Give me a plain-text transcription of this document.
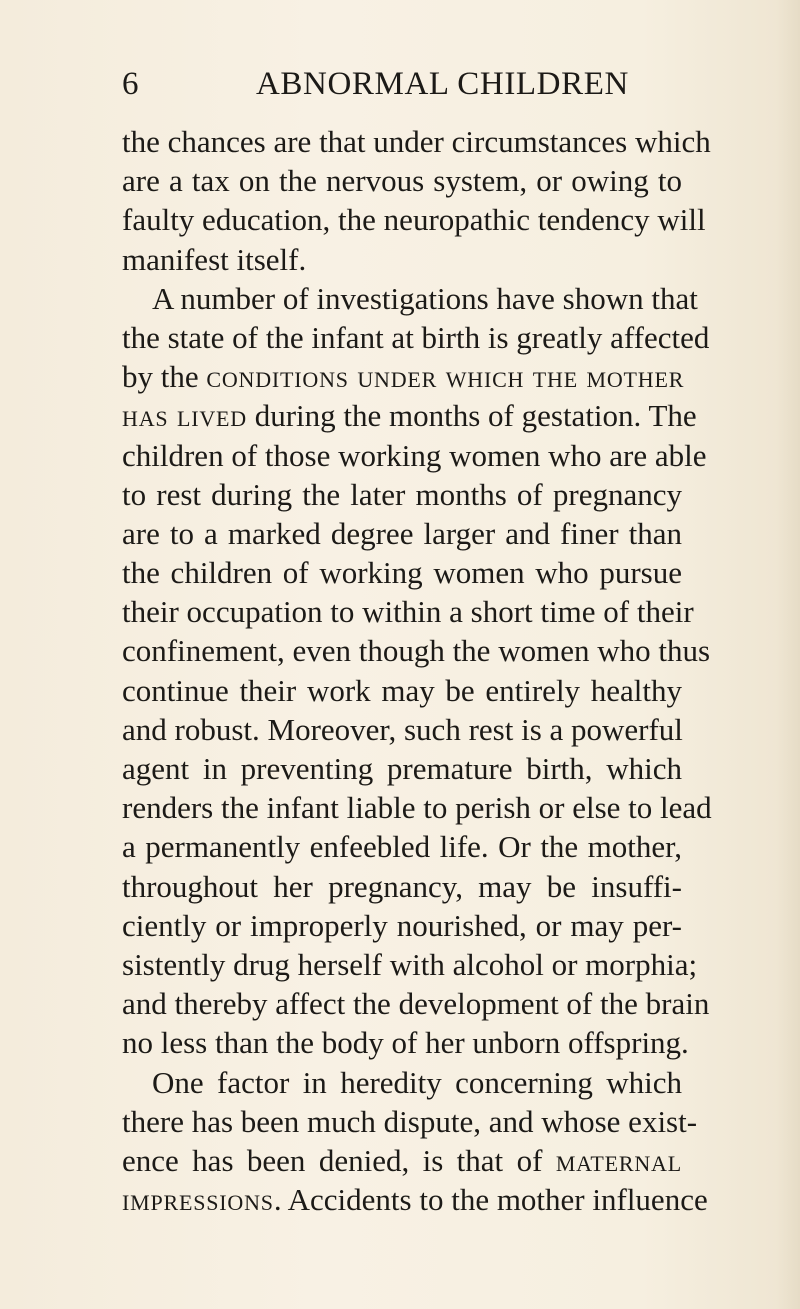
6	ABNORMAL CHILDREN
the chances are that under circumstances which
are a tax on the nervous system, or owing to
faulty education, the neuropathic tendency will
manifest itself.
A number of investigations have shown that
the state of the infant at birth is greatly affected
by the conditions under which the mother
has lived during the months of gestation. The
children of those working women who are able
to rest during the later months of pregnancy
are to a marked degree larger and finer than
the children of working women who pursue
their occupation to within a short time of their
confinement, even though the women who thus
continue their work may be entirely healthy
and robust. Moreover, such rest is a powerful
agent in preventing premature birth, which
renders the infant liable to perish or else to lead
a permanently enfeebled life. Or the mother,
throughout her pregnancy, may be insuffi-
ciently or improperly nourished, or may per-
sistently drug herself with alcohol or morphia;
and thereby affect the development of the brain
no less than the body of her unborn offspring.
One factor in heredity concerning which
there has been much dispute, and whose exist-
ence has been denied, is that of maternal
impressions. Accidents to the mother influence
